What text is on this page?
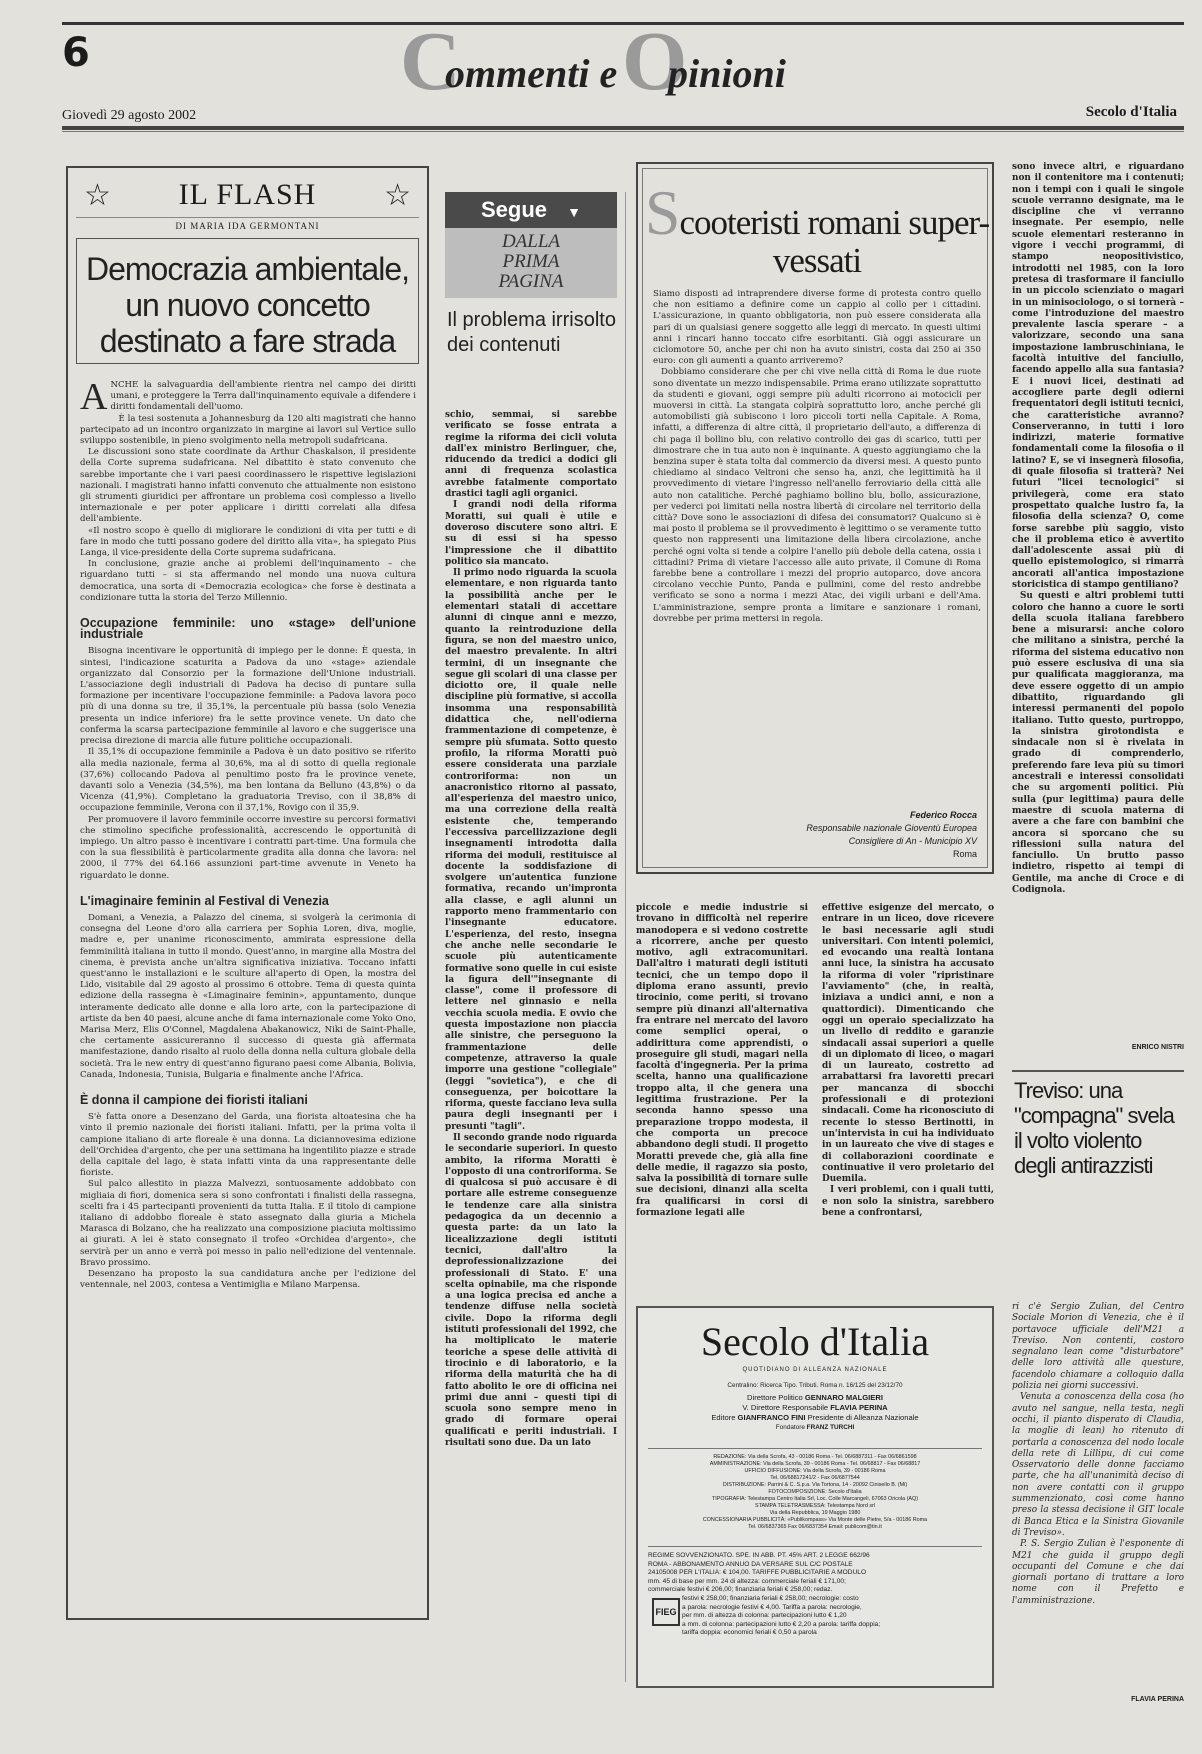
6	C
ommenti e O
pinioni
Giovedì 29 agosto 2002	Secolo d'Italia
☆	IL FLASH	☆
DI MARIA IDA GERMONTANI
Democrazia ambientale, un nuovo concetto destinato a fare strada
A NCHE la salvaguardia dell'ambiente rientra nel campo dei diritti umani, e proteggere la Terra dall'inquinamento equivale a difendere i diritti fondamentali dell'uomo.

È la tesi sostenuta a Johannesburg da 120 alti magistrati che hanno partecipato ad un incontro organizzato in margine ai lavori sul Vertice sullo sviluppo sostenibile, in pieno svolgimento nella metropoli sudafricana.

Le discussioni sono state coordinate da Arthur Chaskalson, il presidente della Corte suprema sudafricana. Nel dibattito è stato convenuto che sarebbe importante che i vari paesi coordinassero le rispettive legislazioni nazionali. I magistrati hanno infatti convenuto che attualmente non esistono gli strumenti giuridici per affrontare un problema così complesso a livello internazionale e per poter applicare i diritti correlati alla difesa dell'ambiente.

«Il nostro scopo è quello di migliorare le condizioni di vita per tutti e di fare in modo che tutti possano godere del diritto alla vita», ha spiegato Pius Langa, il vice-presidente della Corte suprema sudafricana.

In conclusione, grazie anche ai problemi dell'inquinamento – che riguardano tutti – si sta affermando nel mondo una nuova cultura democratica, una sorta di «Democrazia ecologica» che forse è destinata a condizionare tutta la storia del Terzo Millennio.

Occupazione femminile: uno «stage» dell'unione industriale

Bisogna incentivare le opportunità di impiego per le donne: È questa, in sintesi, l'indicazione scaturita a Padova da uno «stage» aziendale organizzato dal Consorzio per la formazione dell'Unione industriali. L'associazione degli industriali di Padova ha deciso di puntare sulla formazione per incentivare l'occupazione femminile: a Padova lavora poco più di una donna su tre, il 35,1%, la percentuale più bassa (solo Venezia presenta un indice inferiore) fra le sette province venete. Un dato che conferma la scarsa partecipazione femminile al lavoro e che suggerisce una precisa direzione di marcia alle future politiche occupazionali.

Il 35,1% di occupazione femminile a Padova è un dato positivo se riferito alla media nazionale, ferma al 30,6%, ma al di sotto di quella regionale (37,6%) collocando Padova al penultimo posto fra le province venete, davanti solo a Venezia (34,5%), ma ben lontana da Belluno (43,8%) o da Vicenza (41,9%). Completano la graduatoria Treviso, con il 38,8% di occupazione femminile, Verona con il 37,1%, Rovigo con il 35,9.

Per promuovere il lavoro femminile occorre investire su percorsi formativi che stimolino specifiche professionalità, accrescendo le opportunità di impiego. Un altro passo è incentivare i contratti part-time. Una formula che con la sua flessibilità è particolarmente gradita alla donna che lavora: nel 2000, il 77% dei 64.166 assunzioni part-time avvenute in Veneto ha riguardato le donne.

L'imaginaire feminin al Festival di Venezia

Domani, a Venezia, a Palazzo del cinema, si svolgerà la cerimonia di consegna del Leone d'oro alla carriera per Sophia Loren, diva, moglie, madre e, per unanime riconoscimento, ammirata espressione della femminilità italiana in tutto il mondo. Quest'anno, in margine alla Mostra del cinema, è prevista anche un'altra significativa iniziativa. Toccano infatti quest'anno le installazioni e le sculture all'aperto di Open, la mostra del Lido, visitabile dal 29 agosto al prossimo 6 ottobre. Tema di questa quinta edizione della rassegna è «Limaginaire feminin», appuntamento, dunque interamente dedicato alle donne e alla loro arte, con la partecipazione di artiste da ben 40 paesi, alcune anche di fama internazionale come Yoko Ono, Marisa Merz, Elis O'Connel, Magdalena Abakanowicz, Niki de Saint-Phalle, che certamente assicureranno il successo di questa già affermata manifestazione, dando risalto al ruolo della donna nella cultura globale della società. Tra le new entry di quest'anno figurano paesi come Albania, Bolivia, Canada, Indonesia, Tunisia, Bulgaria e finalmente anche l'Africa.

È donna il campione dei fioristi italiani

S'è fatta onore a Desenzano del Garda, una fiorista altoatesina che ha vinto il premio nazionale dei fioristi italiani. Infatti, per la prima volta il campione italiano di arte floreale è una donna. La diciannovesima edizione dell'Orchidea d'argento, che per una settimana ha ingentilito piazze e strade della capitale del lago, è stata infatti vinta da una rappresentante delle fioriste.

Sul palco allestito in piazza Malvezzi, sontuosamente addobbato con migliaia di fiori, domenica sera si sono confrontati i finalisti della rassegna, scelti fra i 45 partecipanti provenienti da tutta Italia. E il titolo di campione italiano di addobbo floreale è stato assegnato dalla giuria a Michela Marasca di Bolzano, che ha realizzato una composizione piaciuta moltissimo ai giurati. A lei è stato consegnato il trofeo «Orchidea d'argento», che servirà per un anno e verrà poi messo in palio nell'edizione del ventennale. Bravo prossimo.

Desenzano ha proposto la sua candidatura anche per l'edizione del ventennale, nel 2003, contesa a Ventimiglia e Milano Marpensa.

Segue ▼
DALLA PRIMA PAGINA
Il problema irrisolto dei contenuti

schio, semmai, si sarebbe verificato se fosse entrata a regime la riforma dei cicli voluta dall'ex ministro Berlinguer, che, riducendo da tredici a dodici gli anni di frequenza scolastica avrebbe fatalmente comportato drastici tagli agli organici.

I grandi nodi della riforma Moratti, sui quali è utile e doveroso discutere sono altri. E su di essi si ha spesso l'impressione che il dibattito politico sia mancato.

Il primo nodo riguarda la scuola elementare, e non riguarda tanto la possibilità anche per le elementari statali di accettare alunni di cinque anni e mezzo, quanto la reintroduzione della figura, se non del maestro unico, del maestro prevalente. In altri termini, di un insegnante che segue gli scolari di una classe per diciotto ore, il quale nelle discipline più formative, si accolla insomma una responsabilità didattica che, nell'odierna frammentazione di competenze, è sempre più sfumata. Sotto questo profilo, la riforma Moratti può essere considerata una parziale controriforma: non un anacronistico ritorno al passato, all'esperienza del maestro unico, ma una correzione della realtà esistente che, temperando l'eccessiva parcellizzazione degli insegnamenti introdotta dalla riforma dei moduli, restituisce al docente la soddisfazione di svolgere un'autentica funzione formativa, recando un'impronta alla classe, e agli alunni un rapporto meno frammentario con l'insegnante educatore. L'esperienza, del resto, insegna che anche nelle secondarie le scuole più autenticamente formative sono quelle in cui esiste la figura dell'"insegnante di classe", come il professore di lettere nel ginnasio e nella vecchia scuola media. E ovvio che questa impostazione non piaccia alle sinistre, che perseguono la frammentazione delle competenze, attraverso la quale imporre una gestione "collegiale" (leggi "sovietica"), e che di conseguenza, per boicottare la riforma, queste facciano leva sulla paura degli insegnanti per i presunti "tagli".

Il secondo grande nodo riguarda le secondarie superiori. In questo ambito, la riforma Moratti è l'opposto di una controriforma. Se di qualcosa si può accusare è di portare alle estreme conseguenze le tendenze care alla sinistra pedagogica da un decennio a questa parte: da un lato la licealizzazione degli istituti tecnici, dall'altro la deprofessionalizzazione dei professionali di Stato. E' una scelta opinabile, ma che risponde a una logica precisa ed anche a tendenze diffuse nella società civile. Dopo la riforma degli istituti professionali del 1992, che ha moltiplicato le materie teoriche a spese delle attività di tirocinio e di laboratorio, e la riforma della maturità che ha di fatto abolito le ore di officina nei primi due anni – questi tipi di scuola sono sempre meno in grado di formare operai qualificati e periti industriali. I risultati sono due. Da un lato

piccole e medie industrie si trovano in difficoltà nel reperire manodopera e si vedono costrette a ricorrere, anche per questo motivo, agli extracomunitari. Dall'altro i maturati degli istituti tecnici, che un tempo dopo il diploma erano assunti, previo tirocinio, come periti, si trovano sempre più dinanzi all'alternativa fra entrare nel mercato del lavoro come semplici operai, o addirittura come apprendisti, o proseguire gli studi, magari nella facoltà d'ingegneria. Per la prima scelta, hanno una qualificazione troppo alta, il che genera una legittima frustrazione. Per la seconda hanno spesso una preparazione troppo modesta, il che comporta un precoce abbandono degli studi. Il progetto Moratti prevede che, già alla fine delle medie, il ragazzo sia posto, salva la possibilità di tornare sulle sue decisioni, dinanzi alla scelta fra qualificarsi in corsi di formazione legati alle

effettive esigenze del mercato, o entrare in un liceo, dove ricevere le basi necessarie agli studi universitari. Con intenti polemici, ed evocando una realtà lontana anni luce, la sinistra ha accusato la riforma di voler "ripristinare l'avviamento" (che, in realtà, iniziava a undici anni, e non a quattordici). Dimenticando che oggi un operaio specializzato ha un livello di reddito e garanzie sindacali assai superiori a quelle di un diplomato di liceo, o magari di un laureato, costretto ad arrabattarsi fra lavoretti precari per mancanza di sbocchi professionali e di protezioni sindacali. Come ha riconosciuto di recente lo stesso Bertinotti, in un'intervista in cui ha individuato in un laureato che vive di stages e di collaborazioni coordinate e continuative il vero proletario del Duemila.

I veri problemi, con i quali tutti, e non solo la sinistra, sarebbero bene a confrontarsi,

sono invece altri, e riguardano non il contenitore ma i contenuti; non i tempi con i quali le singole scuole verranno designate, ma le discipline che vi verranno insegnate. Per esempio, nelle scuole elementari resteranno in vigore i vecchi programmi, di stampo neopositivistico, introdotti nel 1985, con la loro pretesa di trasformare il fanciullo in un piccolo scienziato o magari in un minisociologo, o si tornerà – come l'introduzione del maestro prevalente lascia sperare – a valorizzare, secondo una sana impostazione lambruschiniana, le facoltà intuitive del fanciullo, facendo appello alla sua fantasia? E i nuovi licei, destinati ad accogliere parte degli odierni frequentatori degli istituti tecnici, che caratteristiche avranno? Conserveranno, in tutti i loro indirizzi, materie formative fondamentali come la filosofia o il latino? E, se vi insegnerà filosofia, di quale filosofia si tratterà? Nei futuri "licei tecnologici" si privilegerà, come era stato prospettato qualche lustro fa, la filosofia della scienza? O, come forse sarebbe più saggio, visto che il problema etico è avvertito dall'adolescente assai più di quello epistemologico, si rimarrà ancorati all'antica impostazione storicistica di stampo gentiliano?

Su questi e altri problemi tutti coloro che hanno a cuore le sorti della scuola italiana farebbero bene a misurarsi: anche coloro che militano a sinistra, perché la riforma del sistema educativo non può essere esclusiva di una sia pur qualificata maggioranza, ma deve essere oggetto di un ampio dibattito, riguardando gli interessi permanenti del popolo italiano. Tutto questo, purtroppo, la sinistra girotondista e sindacale non si è rivelata in grado di comprenderlo, preferendo fare leva più su timori ancestrali e interessi consolidati che su argomenti politici. Più sulla (pur legittima) paura delle maestre di scuola materna di avere a che fare con bambini che ancora si sporcano che su riflessioni sulla natura del fanciullo. Un brutto passo indietro, rispetto ai tempi di Gentile, ma anche di Croce e di Codignola.

ENRICO NISTRI
Scooteristi romani super-vessati

Siamo disposti ad intraprendere diverse forme di protesta contro quello che non esitiamo a definire come un cappio al collo per i cittadini. L'assicurazione, in quanto obbligatoria, non può essere considerata alla pari di un qualsiasi genere soggetto alle leggi di mercato. In questi ultimi anni i rincari hanno toccato cifre esorbitanti. Già oggi assicurare un ciclomotore 50, anche per chi non ha avuto sinistri, costa dai 250 ai 350 euro: con gli aumenti a quanto arriveremo?

Dobbiamo considerare che per chi vive nella città di Roma le due ruote sono diventate un mezzo indispensabile. Prima erano utilizzate soprattutto da studenti e giovani, oggi sempre più adulti ricorrono ai motocicli per muoversi in città. La stangata colpirà soprattutto loro, anche perché gli automobilisti già subiscono i loro piccoli torti nella Capitale. A Roma, infatti, a differenza di altre città, il proprietario dell'auto, a differenza di chi paga il bollino blu, con relativo controllo dei gas di scarico, tutti per dimostrare che in tua auto non è inquinante. A questo aggiungiamo che la benzina super è stata tolta dal commercio da diversi mesi. A questo punto chiediamo al sindaco Veltroni che senso ha, anzi, che legittimità ha il provvedimento di vietare l'ingresso nell'anello ferroviario della città alle auto non catalitiche. Perché paghiamo bollino blu, bollo, assicurazione, per vederci poi limitati nella nostra libertà di circolare nel territorio della città? Dove sono le associazioni di difesa dei consumatori? Qualcuno si è mai posto il problema se il provvedimento è legittimo o se veramente tutto questo non rappresenti una limitazione della libera circolazione, anche perché ogni volta si tende a colpire l'anello più debole della catena, ossia i cittadini? Prima di vietare l'accesso alle auto private, il Comune di Roma farebbe bene a controllare i mezzi del proprio autoparco, dove ancora circolano vecchie Punto, Panda e pullmini, come del resto andrebbe verificato se sono a norma i mezzi Atac, dei vigili urbani e dell'Ama. L'amministrazione, sempre pronta a limitare e sanzionare i romani, dovrebbe per prima mettersi in regola.

Federico Rocca
Responsabile nazionale Gioventù Europea
Consigliere di An - Municipio XV
Roma
Treviso: una "compagna" svela il volto violento degli antirazzisti

ri c'è Sergio Zulian, del Centro Sociale Morion di Venezia, che è il portavoce ufficiale dell'M21 a Treviso. Non contenti, costoro segnalano lean come "disturbatore" delle loro attività alle questure, facendolo chiamare a colloquio dalla polizia nei giorni successivi.

Venuta a conoscenza della cosa (ho avuto nel sangue, nella testa, negli occhi, il pianto disperato di Claudia, la moglie di lean) ho ritenuto di portarla a conoscenza del nodo locale della rete di Lillipu, di cui come Osservatorio delle donne facciamo parte, che ha all'unanimità deciso di non avere contatti con il gruppo summenzionato, così come hanno preso la stessa decisione il GIT locale di Banca Etica e la Sinistra Giovanile di Treviso».

P. S. Sergio Zulian è l'esponente di M21 che guida il gruppo degli occupanti del Comune e che dai giornali portano di trattare a loro nome con il Prefetto e l'amministrazione.

FLAVIA PERINA
Secolo d'Italia
QUOTIDIANO DI ALLEANZA NAZIONALE
Centralino: Ricerca Tipo. Tributi. Roma n. 16/125 del 23/12/70
Direttore Politico GENNARO MALGIERI
V. Direttore Responsabile FLAVIA PERINA
Editore GIANFRANCO FINI Presidente di Alleanza Nazionale
Fondatore FRANZ TURCHI
REDAZIONE: Via della Scrofa, 43 - 00186 Roma - Tel. 06/6887311 - Fax 06/6861598
AMMINISTRAZIONE: Via della Scrofa, 39 - 00186 Roma - Tel. 06/68817 - Fax 06/68817
UFFICIO DIFFUSIONE: Via della Scrofa, 39 - 00186 Roma
Tel. 06/68817241/2 - Fax 06/6877544
DISTRIBUZIONE: Parrini & C. S.p.a. Via Tortona, 14 - 20092 Cinisello B. (Mi)
FOTOCOMPOSIZIONE: Secolo d'Italia
TIPOGRAFIA: Telestampa Centro Italia Srl, Loc. Colle Marcangeli, 67063 Oricola (AQ)
STAMPA TELETRASMESSA: Telestampa Nord srl
Via della Repubblica, 19 Maggio 1980
CONCESSIONARIA PUBBLICITÀ: «Publikompass» Via Monte delle Pietre, 5/a - 00186 Roma
Tel. 06/6837365 Fax 06/6837354 Email: publicom@tin.it
REGIME SOVVENZIONATO. SPE. IN ABB. PT. 45% ART. 2 LEGGE 662/96
ROMA - ABBONAMENTO ANNUO DA VERSARE SUL C/C POSTALE
24105008 PER L'ITALIA: € 104,00. TARIFFE PUBBLICITARIE A MODULO
mm. 45 di base per mm. 24 di altezza: commerciale feriali € 171,00;
commerciale festivi € 206,00; finanziaria feriali € 258,00; redaz.
festivi € 258,00; finanziaria feriali € 258,00; necrologie: costo
a parola: necrologie festivi € 4,00. Tariffa a parola: necrologie,
per mm. di altezza di colonna: partecipazioni lutto € 1,20
a mm. di colonna: partecipazioni lutto € 2,20 a parola: tariffa doppia;
tariffa doppia: economici feriali € 0,50 a parola
FIEG
